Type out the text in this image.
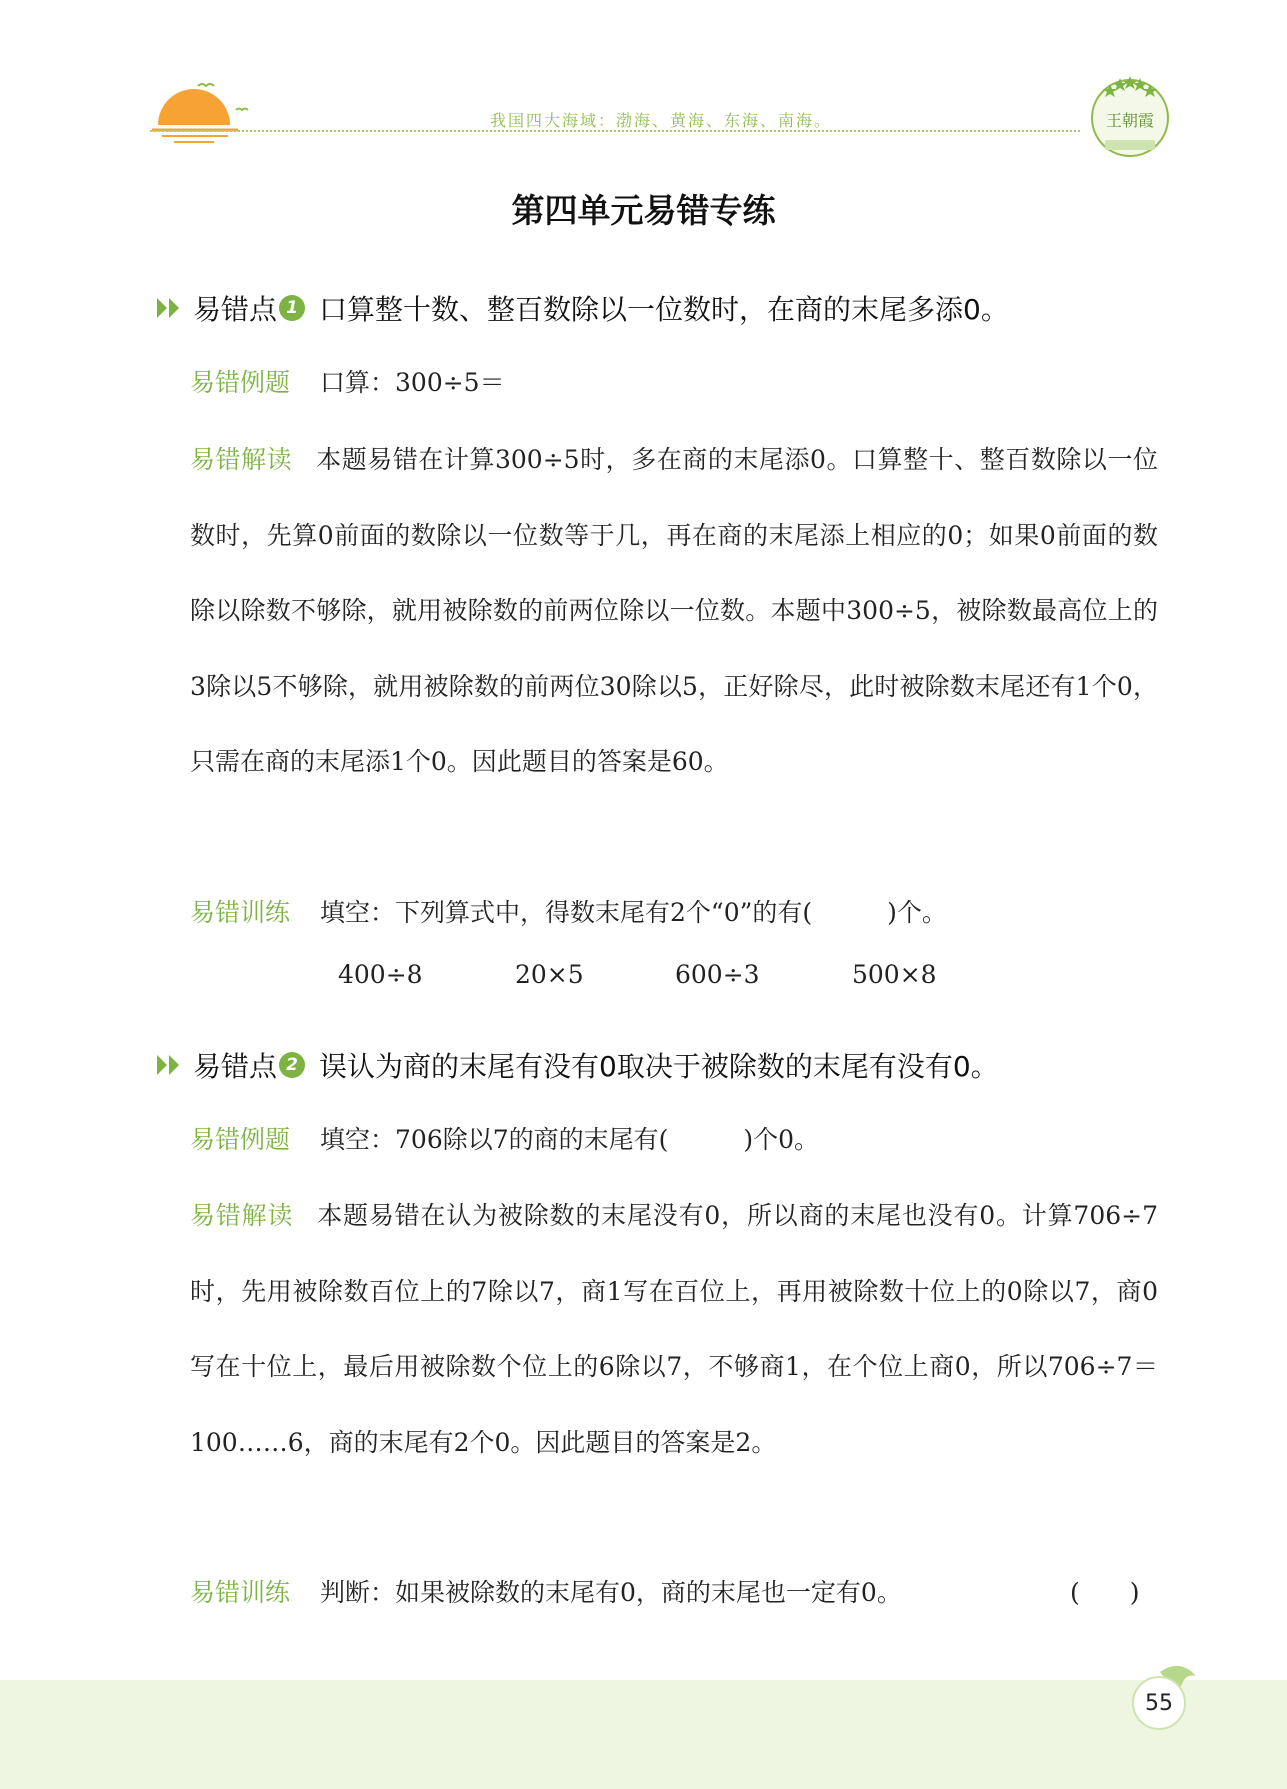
我国四大海域：渤海、黄海、东海、南海。	王朝霞
第四单元易错专练
易错点 1 口算整十数、整百数除以一位数时，在商的末尾多添0。
易错例题 口算：300÷5＝
易错解读 本题易错在计算300÷5时，多在商的末尾添0。口算整十、整百数除以一位数时，先算0前面的数除以一位数等于几，再在商的末尾添上相应的0；如果0前面的数除以除数不够除，就用被除数的前两位除以一位数。本题中300÷5，被除数最高位上的3除以5不够除，就用被除数的前两位30除以5，正好除尽，此时被除数末尾还有1个0，只需在商的末尾添1个0。因此题目的答案是60。
易错训练 填空：下列算式中，得数末尾有2个“0”的有(　　　)个。
400÷8	20×5	600÷3	500×8
易错点 2 误认为商的末尾有没有0取决于被除数的末尾有没有0。
易错例题 填空：706除以7的商的末尾有(　　　)个0。
易错解读 本题易错在认为被除数的末尾没有0，所以商的末尾也没有0。计算706÷7时，先用被除数百位上的7除以7，商1写在百位上，再用被除数十位上的0除以7，商0写在十位上，最后用被除数个位上的6除以7，不够商1，在个位上商0，所以706÷7＝100……6，商的末尾有2个0。因此题目的答案是2。
易错训练 判断：如果被除数的末尾有0，商的末尾也一定有0。	(　　)
55
